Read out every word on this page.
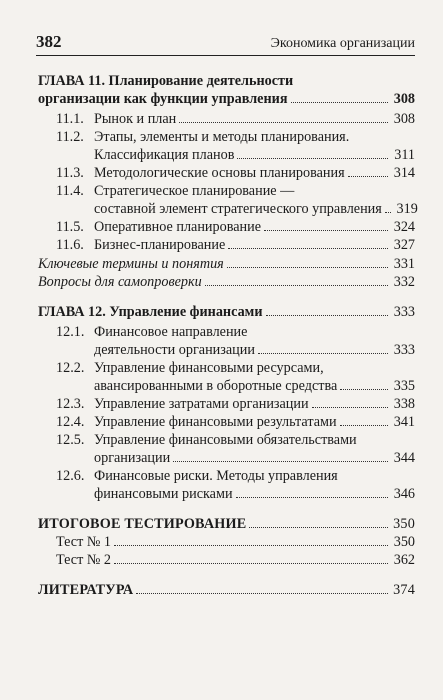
382	Экономика организации
ГЛАВА 11. Планирование деятельности
организации как функции управления	308
11.1. Рынок и план	308
11.2. Этапы, элементы и методы планирования.
Классификация планов	311
11.3. Методологические основы планирования	314
11.4. Стратегическое планирование —
составной элемент стратегического управления 319
11.5. Оперативное планирование	324
11.6. Бизнес-планирование	327
Ключевые термины и понятия	331
Вопросы для самопроверки	332
ГЛАВА 12. Управление финансами	333
12.1. Финансовое направление
деятельности организации	333
12.2. Управление финансовыми ресурсами,
авансированными в оборотные средства	335
12.3. Управление затратами организации	338
12.4. Управление финансовыми результатами	341
12.5. Управление финансовыми обязательствами
организации	344
12.6. Финансовые риски. Методы управления
финансовыми рисками	346
ИТОГОВОЕ ТЕСТИРОВАНИЕ	350
Тест № 1	350
Тест № 2	362
ЛИТЕРАТУРА	374
